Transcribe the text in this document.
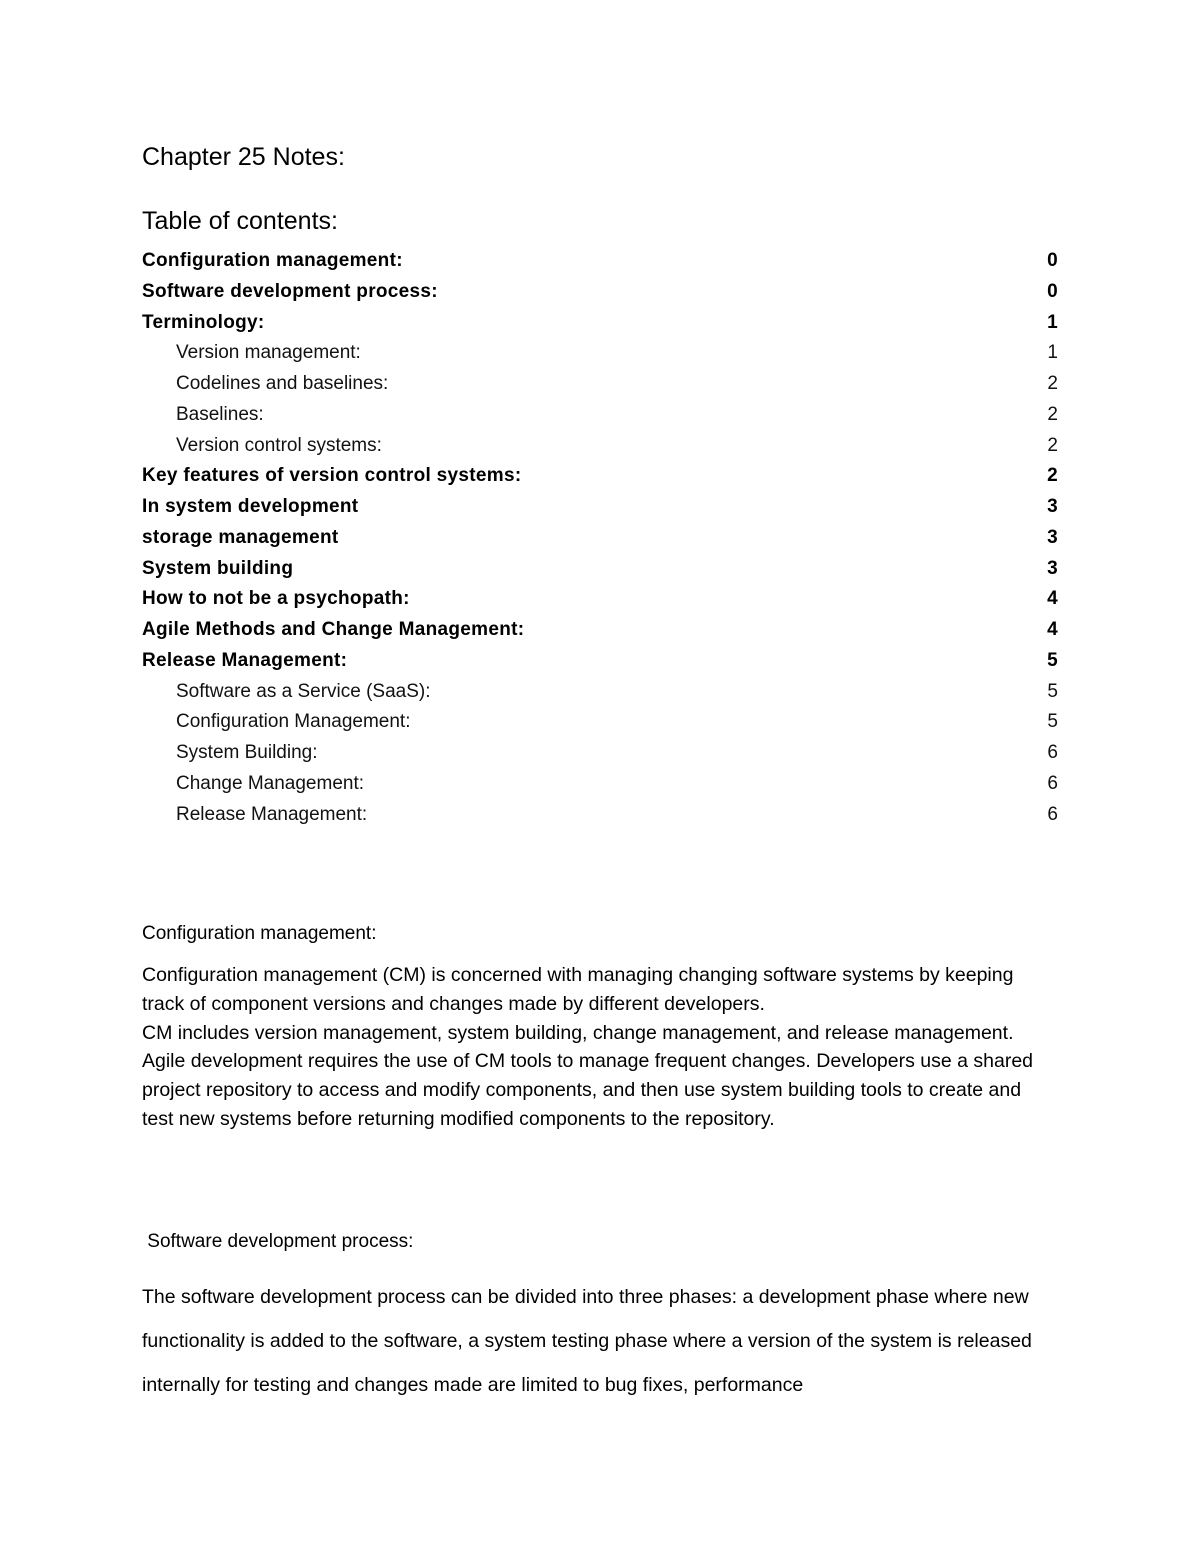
Chapter 25 Notes:
Table of contents:
Configuration management:	0
Software development process:	0
Terminology:	1
Version management:	1
Codelines and baselines:	2
Baselines:	2
Version control systems:	2
Key features of version control systems:	2
In system development	3
storage management	3
System building	3
How to not be a psychopath:	4
Agile Methods and Change Management:	4
Release Management:	5
Software as a Service (SaaS):	5
Configuration Management:	5
System Building:	6
Change Management:	6
Release Management:	6
Configuration management:

Configuration management (CM) is concerned with managing changing software systems by keeping track of component versions and changes made by different developers.

CM includes version management, system building, change management, and release management. Agile development requires the use of CM tools to manage frequent changes. Developers use a shared project repository to access and modify components, and then use system building tools to create and test new systems before returning modified components to the repository.

Software development process:

The software development process can be divided into three phases: a development phase where new functionality is added to the software, a system testing phase where a version of the system is released internally for testing and changes made are limited to bug fixes, performance
